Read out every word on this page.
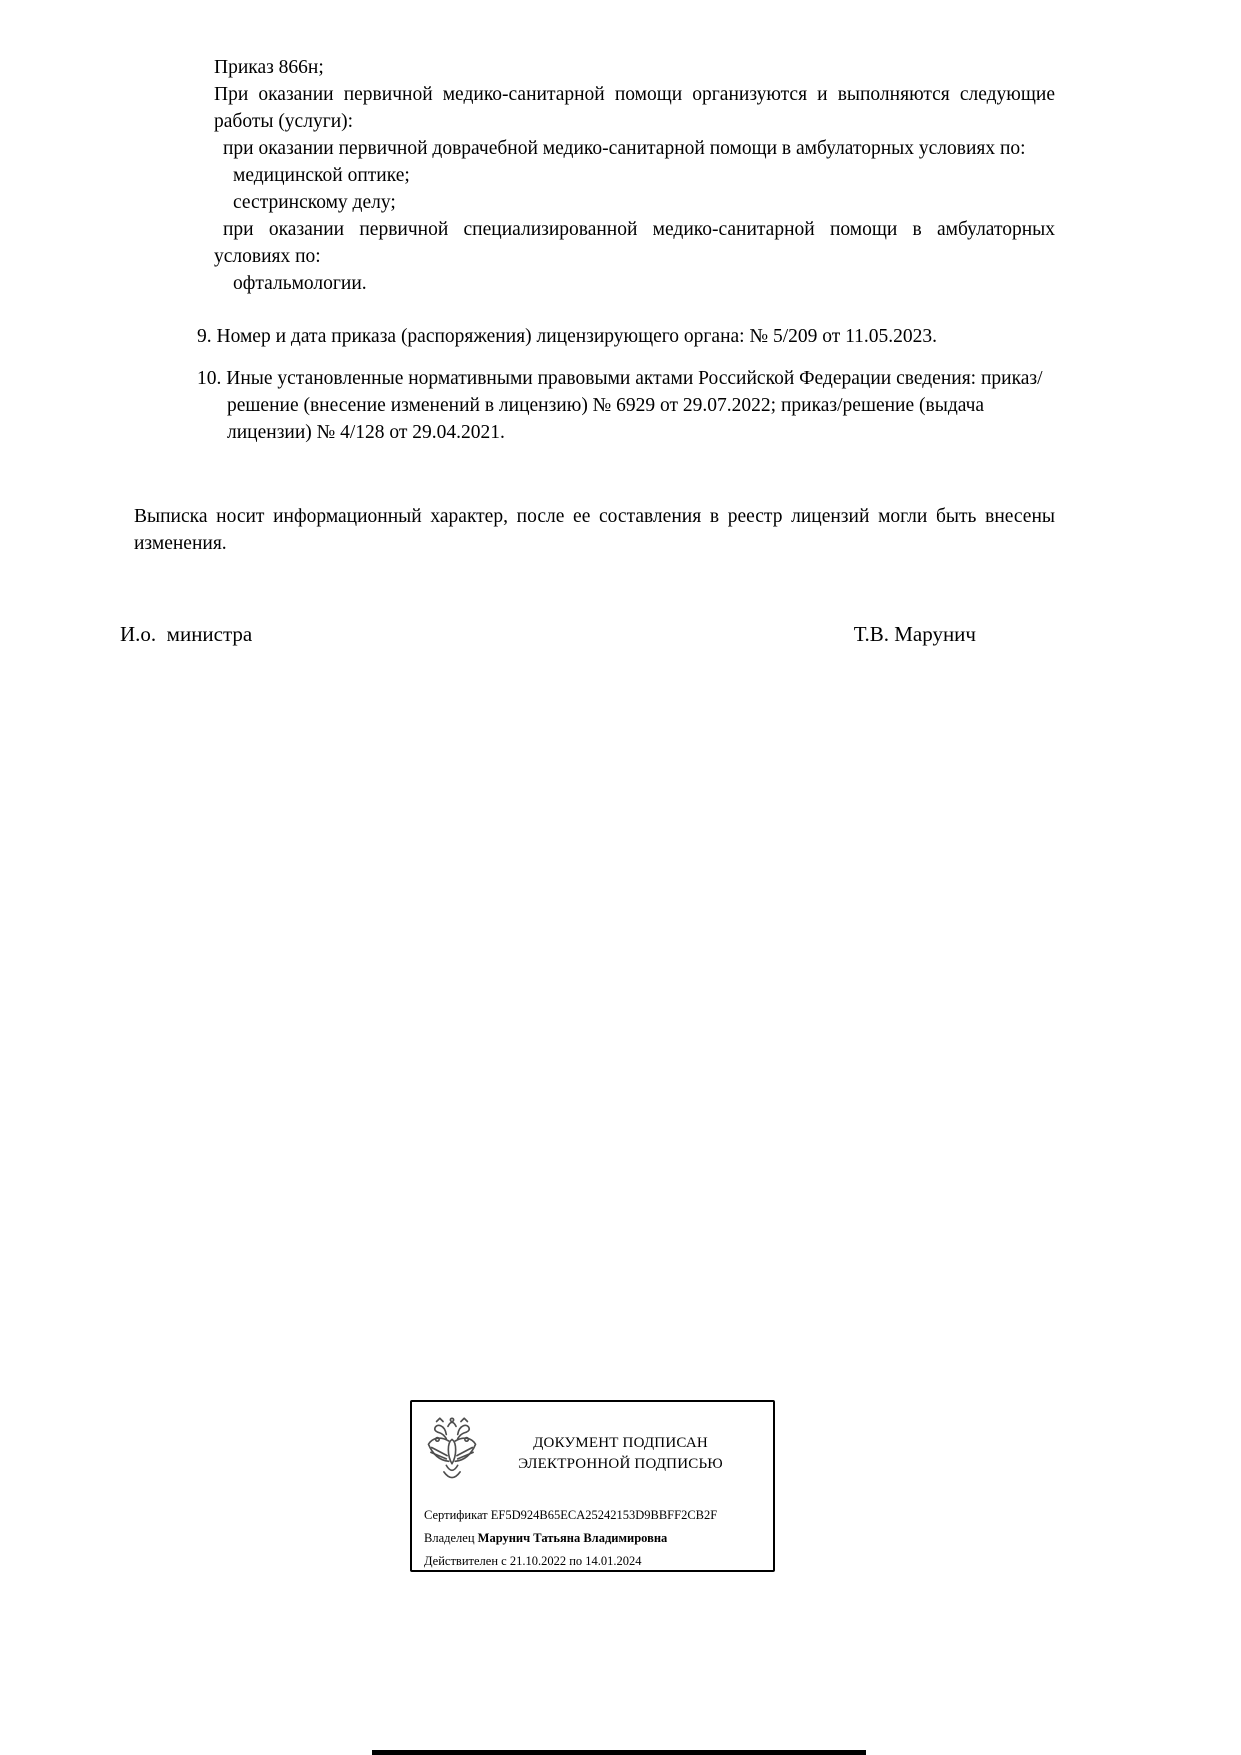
Приказ 866н;

При оказании первичной медико-санитарной помощи организуются и выполняются следующие работы (услуги):

при оказании первичной доврачебной медико-санитарной помощи в амбулаторных условиях по:

медицинской оптике;

сестринскому делу;

при оказании первичной специализированной медико-санитарной помощи в амбулаторных условиях по:

офтальмологии.

9. Номер и дата приказа (распоряжения) лицензирующего органа: № 5/209 от 11.05.2023.

10. Иные установленные нормативными правовыми актами Российской Федерации сведения: приказ/решение (внесение изменений в лицензию) № 6929 от 29.07.2022; приказ/решение (выдача лицензии) № 4/128 от 29.04.2021.

Выписка носит информационный характер, после ее составления в реестр лицензий могли быть внесены изменения.

И.о.  министра	Т.В. Марунич
ДОКУМЕНТ ПОДПИСАН
ЭЛЕКТРОННОЙ ПОДПИСЬЮ
Сертификат EF5D924B65ECA25242153D9BBFF2CB2F
Владелец Марунич Татьяна Владимировна
Действителен с 21.10.2022 по 14.01.2024
